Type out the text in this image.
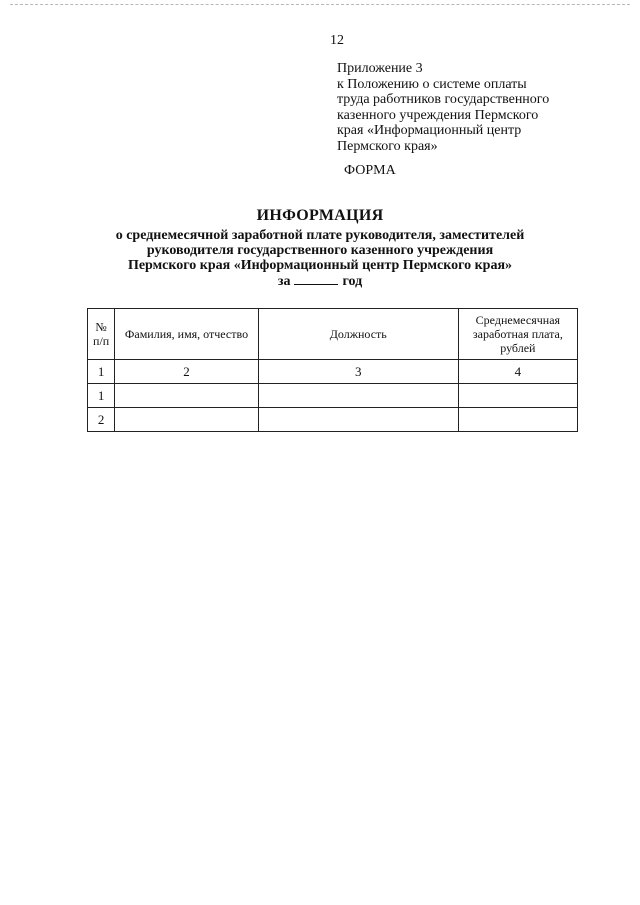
12
Приложение 3
к Положению о системе оплаты
труда работников государственного
казенного учреждения Пермского
края «Информационный центр
Пермского края»
ФОРМА
ИНФОРМАЦИЯ
о среднемесячной заработной плате руководителя, заместителей
руководителя государственного казенного учреждения
Пермского края «Информационный центр Пермского края»
за	год
№ п/п	Фамилия, имя, отчество	Должность	Среднемесячная заработная плата, рублей
1	2	3	4
1			
2			
